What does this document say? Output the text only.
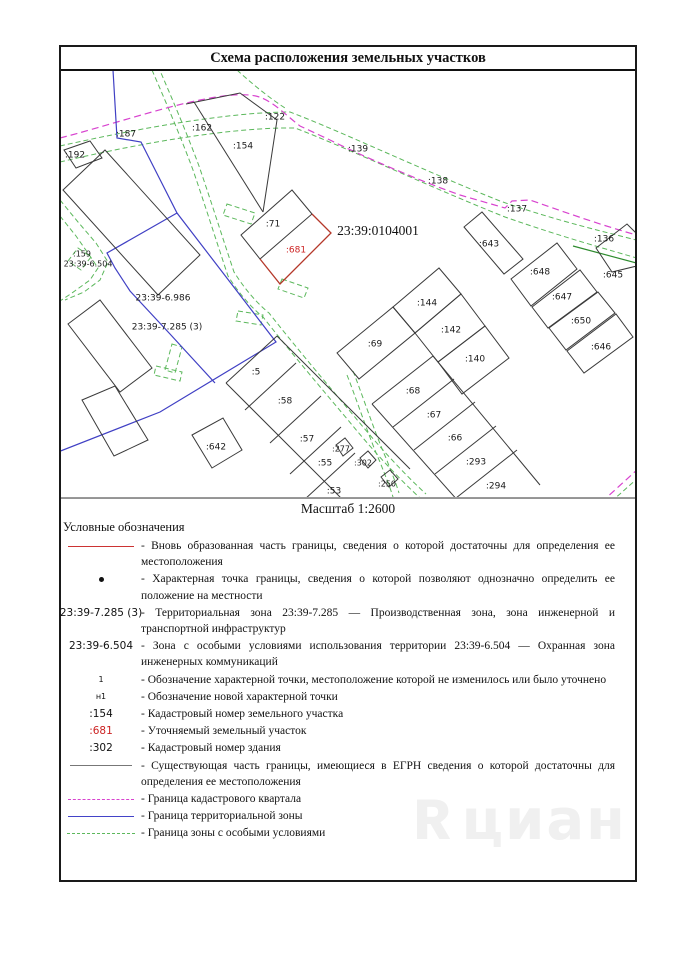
Схема расположения земельных участков
:192
:187
:162
:122
:154	:139
:138
:137
:136
:71
:681
23:39:0104001
:643
:648	:645
:647
:650
:646
:144
:142
:140
:69
:68
:67
:66
:293
:294
:5
:58
:57
:55
:53
:277
:302
:250
:642
:159
23:39-6.504
23:39-6.986
23:39-7.285 (3)
Масштаб 1:2600
Условные обозначения
- Вновь образованная часть границы, сведения о которой достаточны для определения ее местоположения
- Характерная точка границы, сведения о которой позволяют однозначно определить ее положение на местности
23:39-7.285 (3)
- Территориальная зона 23:39-7.285 — Производственная зона, зона инженерной и транспортной инфраструктур
23:39-6.504 - Зона с особыми условиями использования территории 23:39-6.504 — Охранная зона инженерных коммуникаций
1	- Обозначение характерной точки, местоположение которой не изменилось или было уточнено
н1	- Обозначение новой характерной точки
:154 - Кадастровый номер земельного участка
:681 - Уточняемый земельный участок
:302 - Кадастровый номер здания
- Существующая часть границы, имеющиеся в ЕГРН сведения о которой достаточны для определения ее местоположения
- Граница кадастрового квартала
- Граница территориальной зоны
- Граница зоны с особыми условиями	Я циан
